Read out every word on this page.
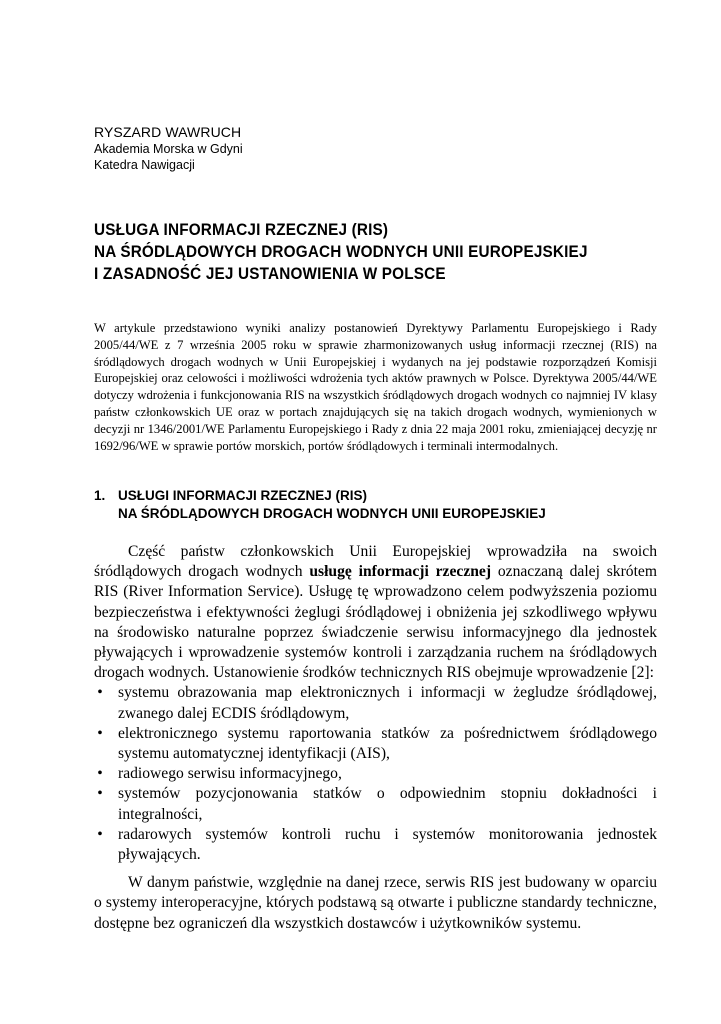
RYSZARD WAWRUCH
Akademia Morska w Gdyni
Katedra Nawigacji
USŁUGA INFORMACJI RZECZNEJ (RIS)
NA ŚRÓDLĄDOWYCH DROGACH WODNYCH UNII EUROPEJSKIEJ
I ZASADNOŚĆ JEJ USTANOWIENIA W POLSCE
W artykule przedstawiono wyniki analizy postanowień Dyrektywy Parlamentu Europejskiego i Rady 2005/44/WE z 7 września 2005 roku w sprawie zharmonizowanych usług informacji rzecznej (RIS) na śródlądowych drogach wodnych w Unii Europejskiej i wydanych na jej podstawie rozporządzeń Komisji Europejskiej oraz celowości i możliwości wdrożenia tych aktów prawnych w Polsce. Dyrektywa 2005/44/WE dotyczy wdrożenia i funkcjonowania RIS na wszystkich śródlądowych drogach wodnych co najmniej IV klasy państw członkowskich UE oraz w portach znajdujących się na takich drogach wodnych, wymienionych w decyzji nr 1346/2001/WE Parlamentu Europejskiego i Rady z dnia 22 maja 2001 roku, zmieniającej decyzję nr 1692/96/WE w sprawie portów morskich, portów śródlądowych i terminali intermodalnych.
1. USŁUGI INFORMACJI RZECZNEJ (RIS)
NA ŚRÓDLĄDOWYCH DROGACH WODNYCH UNII EUROPEJSKIEJ

Część państw członkowskich Unii Europejskiej wprowadziła na swoich śródlądowych drogach wodnych usługę informacji rzecznej oznaczaną dalej skrótem RIS (River Information Service). Usługę tę wprowadzono celem podwyższenia poziomu bezpieczeństwa i efektywności żeglugi śródlądowej i obniżenia jej szkodliwego wpływu na środowisko naturalne poprzez świadczenie serwisu informacyjnego dla jednostek pływających i wprowadzenie systemów kontroli i zarządzania ruchem na śródlądowych drogach wodnych. Ustanowienie środków technicznych RIS obejmuje wprowadzenie [2]:

• systemu obrazowania map elektronicznych i informacji w żegludze śródlądowej, zwanego dalej ECDIS śródlądowym,
• elektronicznego systemu raportowania statków za pośrednictwem śródlądowego systemu automatycznej identyfikacji (AIS),
• radiowego serwisu informacyjnego,
• systemów pozycjonowania statków o odpowiednim stopniu dokładności i integralności,
• radarowych systemów kontroli ruchu i systemów monitorowania jednostek pływających.

W danym państwie, względnie na danej rzece, serwis RIS jest budowany w oparciu o systemy interoperacyjne, których podstawą są otwarte i publiczne standardy techniczne, dostępne bez ograniczeń dla wszystkich dostawców i użytkowników systemu.
